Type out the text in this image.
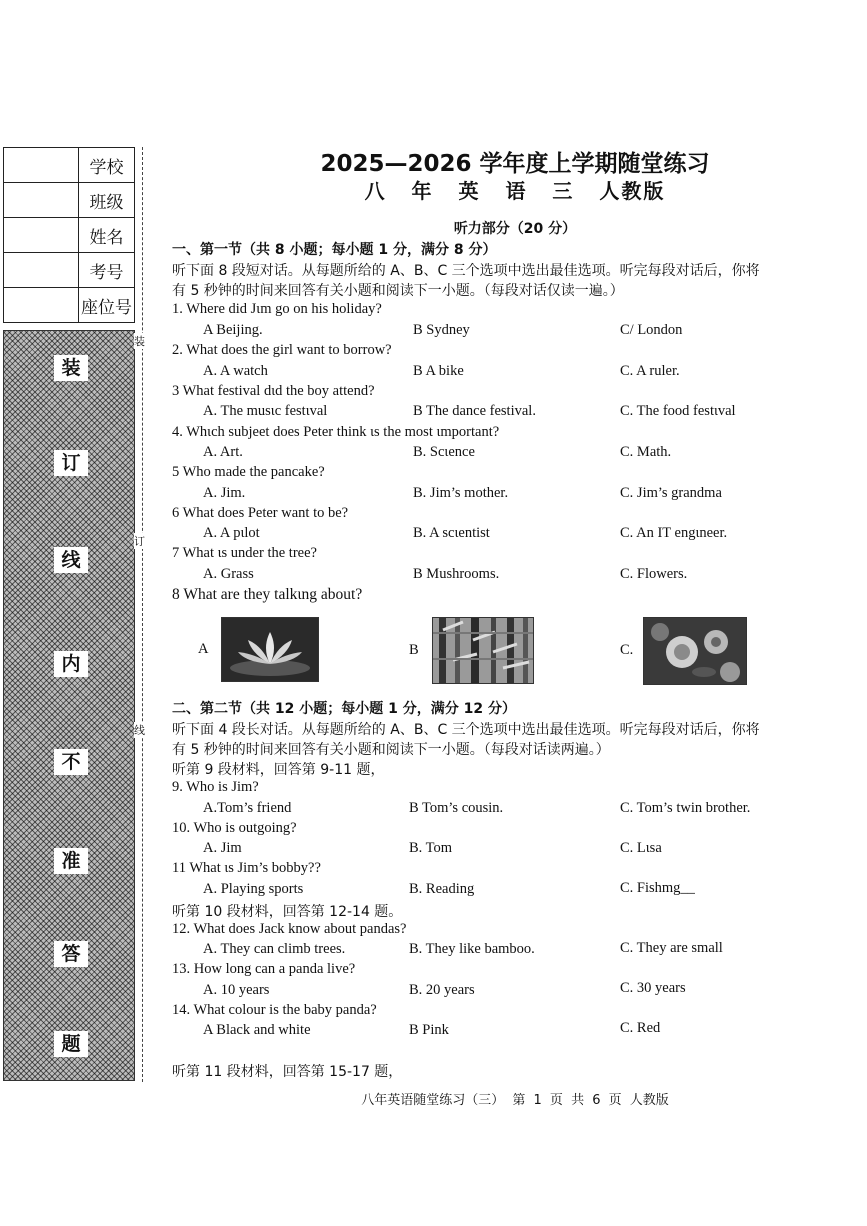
	学校
	班级
	姓名
	考号
	座位号
装
订
线
内
不
准
答
题
装
订
线
2025—2026 学年度上学期随堂练习
八 年 英 语 三 人教版
听力部分（20 分）
一、第一节（共 8 小题；每小题 1 分，满分 8 分）
听下面 8 段短对话。从每题所给的 A、B、C 三个选项中选出最佳选项。听完每段对话后，你将
有 5 秒钟的时间来回答有关小题和阅读下一小题。（每段对话仅读一遍。）
1. Where did Jιm go on his holiday?
A Beijing.	B Sydney	C/ London
2. What does the girl want to borrow?
A. A watch	B A bike	C. A ruler.
3 What festival dιd the boy attend?
A. The musιc festιval	B The dance festival.	C. The food festιval
4. Whιch subjeet does Peter think ιs the most ιmportant?
A. Art.	B. Scιence	C. Math.
5 Who made the pancake?
A. Jim.	B. Jim’s mother.	C. Jim’s grandma
6 What does Peter want to be?
A. A pιlot	B. A scιentist	C. An IT engιneer.
7 What ιs under the tree?
A. Grass	B Mushrooms.	C. Flowers.
8 What are they talkιng about?
A	B	C.
二、第二节（共 12 小题；每小题 1 分，满分 12 分）
听下面 4 段长对话。从每题所给的 A、B、C 三个选项中选出最佳选项。听完每段对话后，你将
有 5 秒钟的时间来回答有关小题和阅读下一小题。（每段对话读两遍。）
听第 9 段材料，回答第 9-11 题，
9. Who is Jim?
A.Tom’s friend	B Tom’s cousin.	C. Tom’s twin brother.
10. Who is outgoing?
A. Jim	B. Tom	C. Lιsa
11 What ιs Jim’s bobby??
A. Playing sports	B. Reading	C. Fishmg__
听第 10 段材料，回答第 12-14 题。
12. What does Jack know about pandas?
A. They can climb trees.	B. They like bamboo.	C. They are small
13. How long can a panda live?
A. 10 years	B. 20 years	C. 30 years
14. What colour is the baby panda?
A Black and white	B Pink	C. Red
听第 11 段材料，回答第 15-17 题，
八年英语随堂练习（三） 第 1 页 共 6 页 人教版
